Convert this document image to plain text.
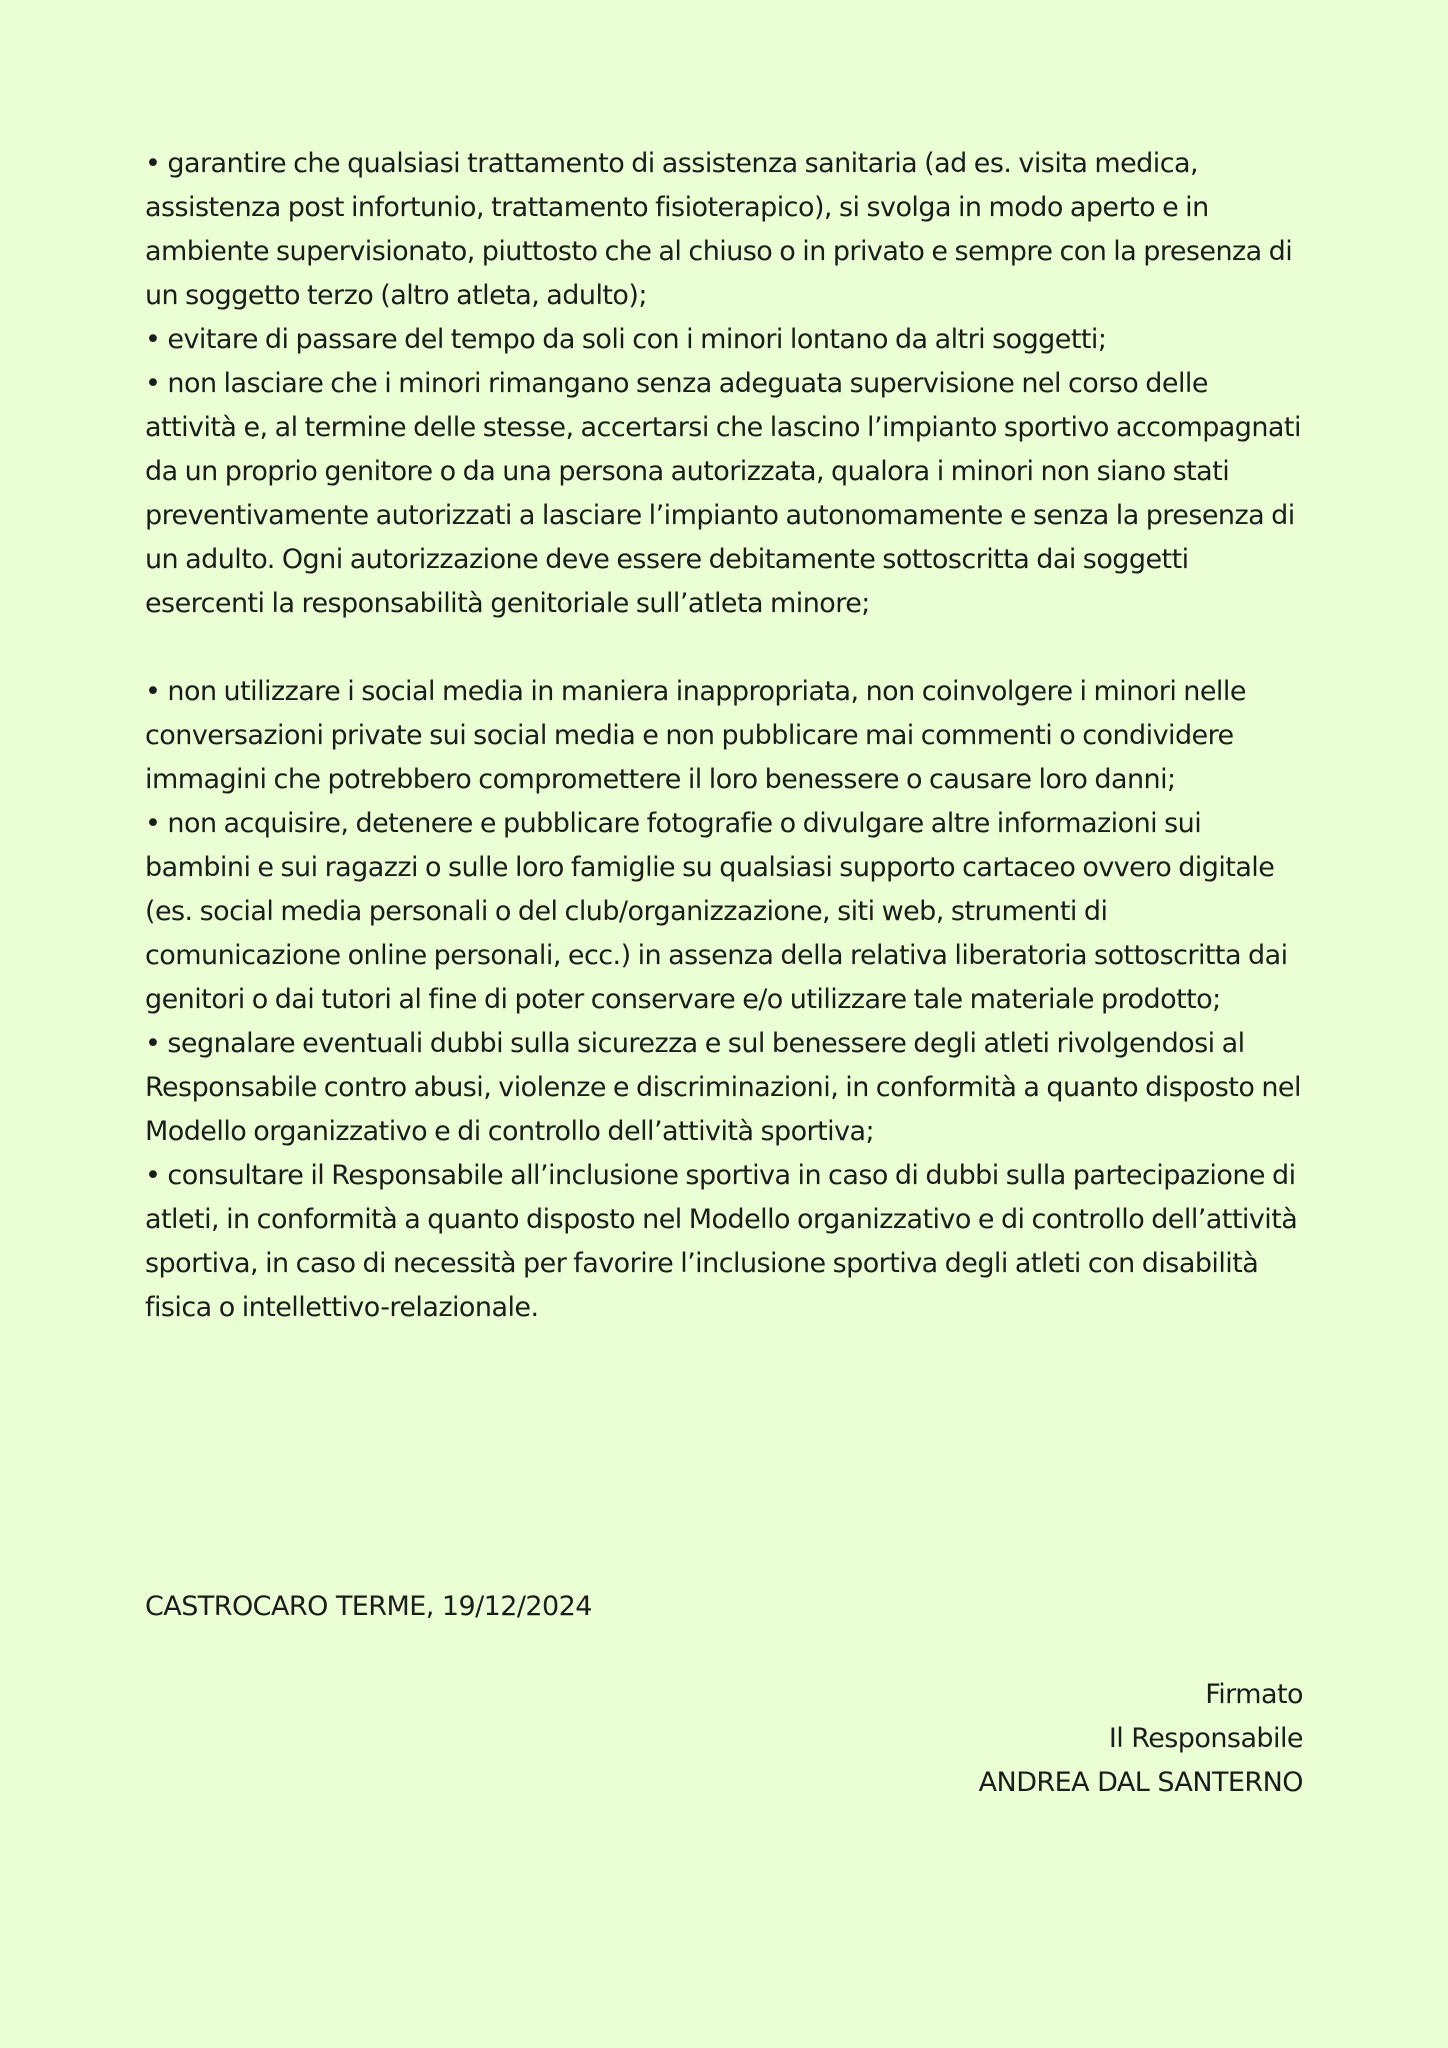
• garantire che qualsiasi trattamento di assistenza sanitaria (ad es. visita medica, assistenza post infortunio, trattamento fisioterapico), si svolga in modo aperto e in ambiente supervisionato, piuttosto che al chiuso o in privato e sempre con la presenza di un soggetto terzo (altro atleta, adulto);

• evitare di passare del tempo da soli con i minori lontano da altri soggetti;

• non lasciare che i minori rimangano senza adeguata supervisione nel corso delle attività e, al termine delle stesse, accertarsi che lascino l’impianto sportivo accompagnati da un proprio genitore o da una persona autorizzata, qualora i minori non siano stati preventivamente autorizzati a lasciare l’impianto autonomamente e senza la presenza di un adulto. Ogni autorizzazione deve essere debitamente sottoscritta dai soggetti esercenti la responsabilità genitoriale sull’atleta minore;

• non utilizzare i social media in maniera inappropriata, non coinvolgere i minori nelle conversazioni private sui social media e non pubblicare mai commenti o condividere immagini che potrebbero compromettere il loro benessere o causare loro danni;

• non acquisire, detenere e pubblicare fotografie o divulgare altre informazioni sui bambini e sui ragazzi o sulle loro famiglie su qualsiasi supporto cartaceo ovvero digitale (es. social media personali o del club/organizzazione, siti web, strumenti di comunicazione online personali, ecc.) in assenza della relativa liberatoria sottoscritta dai genitori o dai tutori al fine di poter conservare e/o utilizzare tale materiale prodotto;

• segnalare eventuali dubbi sulla sicurezza e sul benessere degli atleti rivolgendosi al Responsabile contro abusi, violenze e discriminazioni, in conformità a quanto disposto nel Modello organizzativo e di controllo dell’attività sportiva;

• consultare il Responsabile all’inclusione sportiva in caso di dubbi sulla partecipazione di atleti, in conformità a quanto disposto nel Modello organizzativo e di controllo dell’attività sportiva, in caso di necessità per favorire l’inclusione sportiva degli atleti con disabilità fisica o intellettivo-relazionale.

CASTROCARO TERME, 19/12/2024
Firmato
Il Responsabile
ANDREA DAL SANTERNO
